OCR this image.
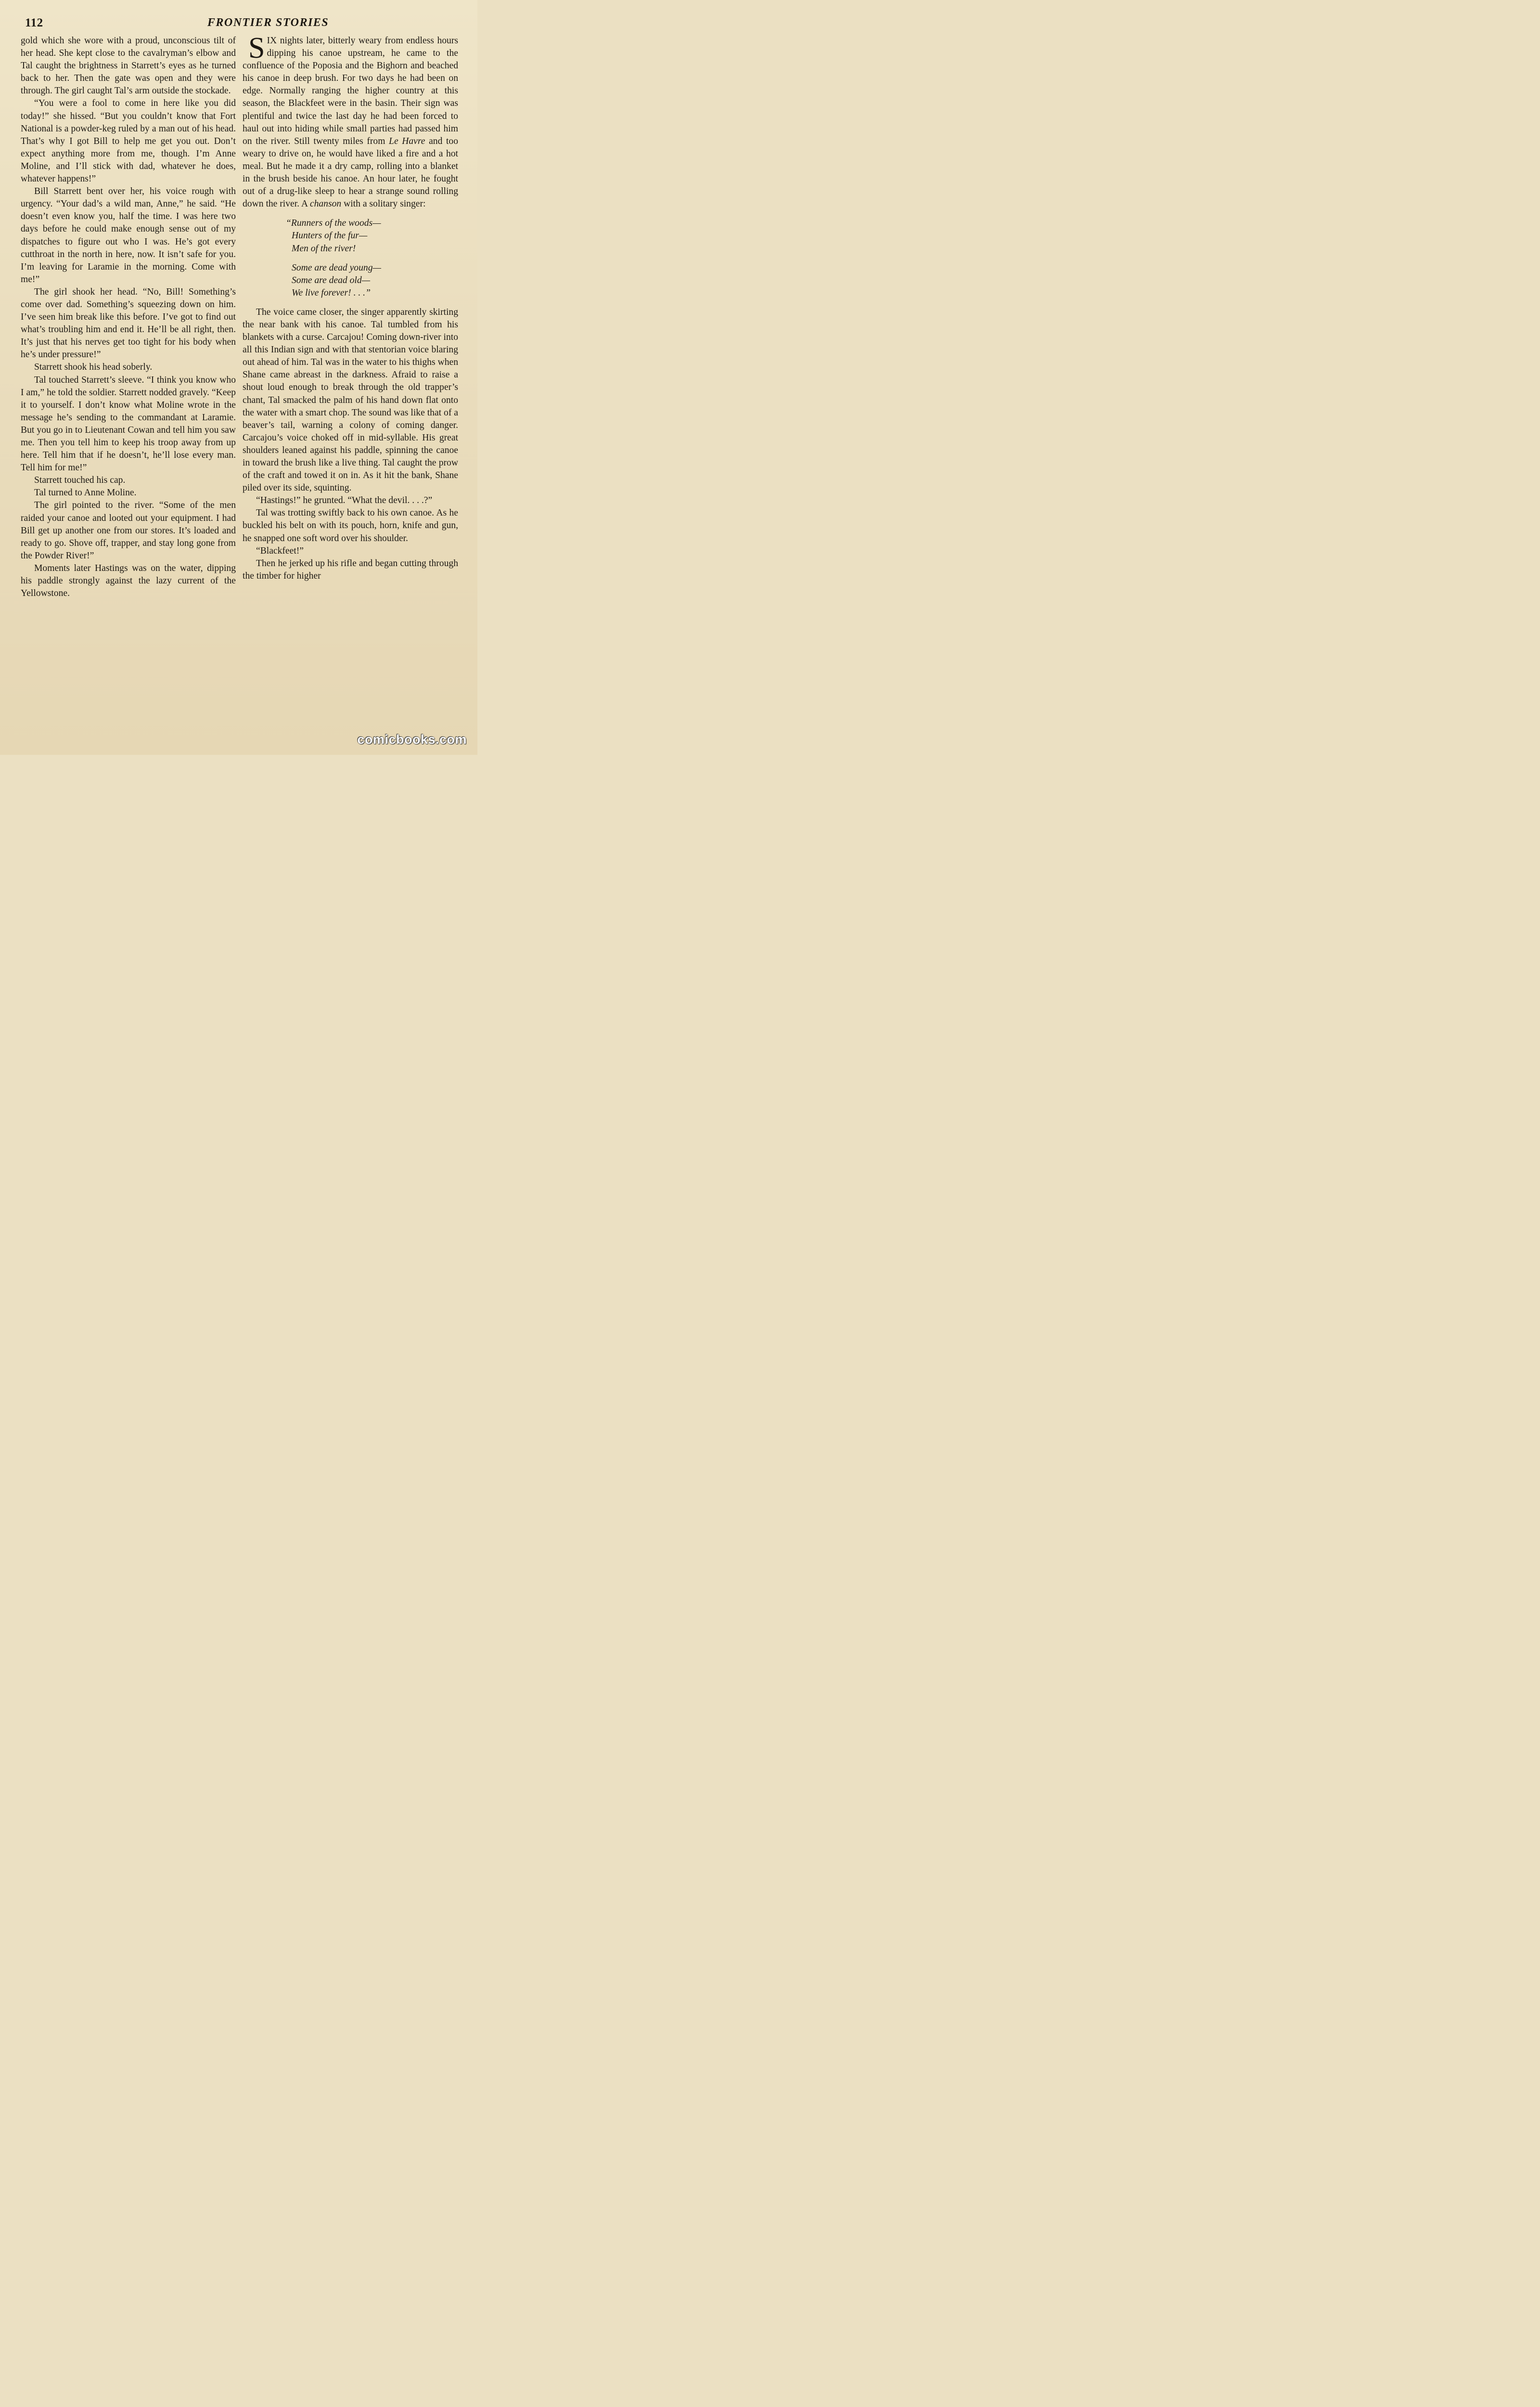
112	FRONTIER STORIES

gold which she wore with a proud, unconscious tilt of her head. She kept close to the cavalryman’s elbow and Tal caught the brightness in Starrett’s eyes as he turned back to her. Then the gate was open and they were through. The girl caught Tal’s arm outside the stockade.

“You were a fool to come in here like you did today!” she hissed. “But you couldn’t know that Fort National is a powder-keg ruled by a man out of his head. That’s why I got Bill to help me get you out. Don’t expect anything more from me, though. I’m Anne Moline, and I’ll stick with dad, whatever he does, whatever happens!”

Bill Starrett bent over her, his voice rough with urgency. “Your dad’s a wild man, Anne,” he said. “He doesn’t even know you, half the time. I was here two days before he could make enough sense out of my dispatches to figure out who I was. He’s got every cutthroat in the north in here, now. It isn’t safe for you. I’m leaving for Laramie in the morning. Come with me!”

The girl shook her head. “No, Bill! Something’s come over dad. Something’s squeezing down on him. I’ve seen him break like this before. I’ve got to find out what’s troubling him and end it. He’ll be all right, then. It’s just that his nerves get too tight for his body when he’s under pressure!”

Starrett shook his head soberly.

Tal touched Starrett’s sleeve. “I think you know who I am,” he told the soldier. Starrett nodded gravely. “Keep it to yourself. I don’t know what Moline wrote in the message he’s sending to the commandant at Laramie. But you go in to Lieutenant Cowan and tell him you saw me. Then you tell him to keep his troop away from up here. Tell him that if he doesn’t, he’ll lose every man. Tell him for me!”

Starrett touched his cap.

Tal turned to Anne Moline.

The girl pointed to the river. “Some of the men raided your canoe and looted out your equipment. I had Bill get up another one from our stores. It’s loaded and ready to go. Shove off, trapper, and stay long gone from the Powder River!”

Moments later Hastings was on the water, dipping his paddle strongly against the lazy current of the Yellowstone.

SIX nights later, bitterly weary from endless hours dipping his canoe upstream, he came to the confluence of the Poposia and the Bighorn and beached his canoe in deep brush. For two days he had been on edge. Normally ranging the higher country at this season, the Blackfeet were in the basin. Their sign was plentiful and twice the last day he had been forced to haul out into hiding while small parties had passed him on the river. Still twenty miles from Le Havre and too weary to drive on, he would have liked a fire and a hot meal. But he made it a dry camp, rolling into a blanket in the brush beside his canoe. An hour later, he fought out of a drug-like sleep to hear a strange sound rolling down the river. A chanson with a solitary singer:

“Runners of the woods—
Hunters of the fur—
Men of the river!
Some are dead young—
Some are dead old—
We live forever! . . .”

The voice came closer, the singer apparently skirting the near bank with his canoe. Tal tumbled from his blankets with a curse. Carcajou! Coming down-river into all this Indian sign and with that stentorian voice blaring out ahead of him. Tal was in the water to his thighs when Shane came abreast in the darkness. Afraid to raise a shout loud enough to break through the old trapper’s chant, Tal smacked the palm of his hand down flat onto the water with a smart chop. The sound was like that of a beaver’s tail, warning a colony of coming danger. Carcajou’s voice choked off in mid-syllable. His great shoulders leaned against his paddle, spinning the canoe in toward the brush like a live thing. Tal caught the prow of the craft and towed it on in. As it hit the bank, Shane piled over its side, squinting.

“Hastings!” he grunted. “What the devil. . . .?”

Tal was trotting swiftly back to his own canoe. As he buckled his belt on with its pouch, horn, knife and gun, he snapped one soft word over his shoulder.

“Blackfeet!”

Then he jerked up his rifle and began cutting through the timber for higher

comicbooks.com
